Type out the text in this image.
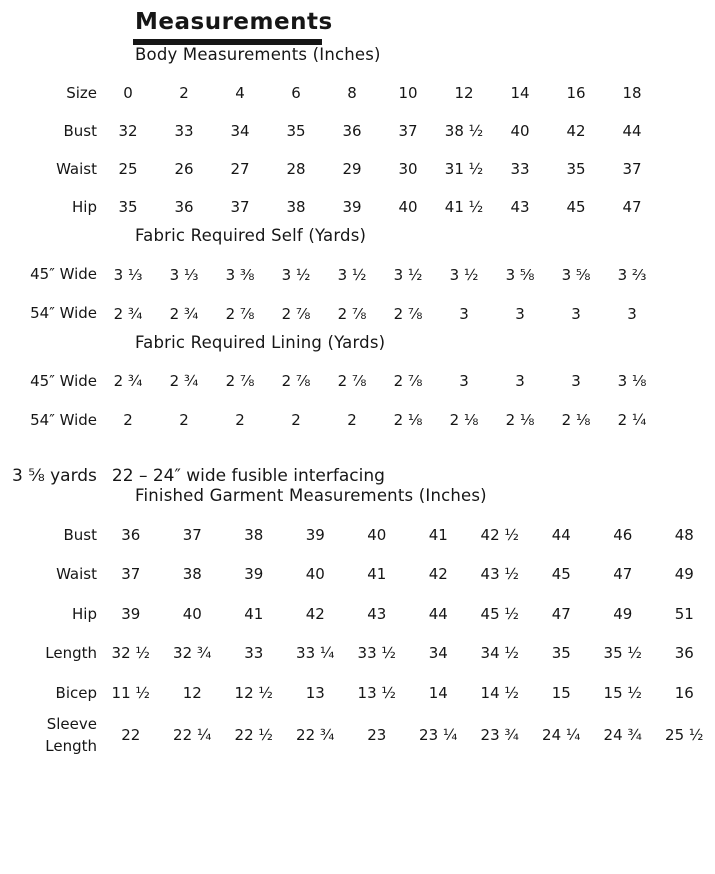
Measurements
Body Measurements (Inches)
Size	0	2	4	6	8	10	12	14	16	18
Bust	32	33	34	35	36	37	38 ½	40	42	44
Waist	25	26	27	28	29	30	31 ½	33	35	37
Hip	35	36	37	38	39	40	41 ½	43	45	47
Fabric Required Self (Yards)
45″ Wide	3 ⅓	3 ⅓	3 ⅜	3 ½	3 ½	3 ½	3 ½	3 ⅝	3 ⅝	3 ⅔
54″ Wide	2 ¾	2 ¾	2 ⅞	2 ⅞	2 ⅞	2 ⅞	3	3	3	3
Fabric Required Lining (Yards)
45″ Wide	2 ¾	2 ¾	2 ⅞	2 ⅞	2 ⅞	2 ⅞	3	3	3	3 ⅛
54″ Wide	2	2	2	2	2	2 ⅛	2 ⅛	2 ⅛	2 ⅛	2 ¼

3 ⅝ yards 22 – 24″ wide fusible interfacing

Finished Garment Measurements (Inches)
Bust	36	37	38	39	40	41	42 ½	44	46	48
Waist	37	38	39	40	41	42	43 ½	45	47	49
Hip	39	40	41	42	43	44	45 ½	47	49	51
Length	32 ½	32 ¾	33	33 ¼	33 ½	34	34 ½	35	35 ½	36
Bicep	11 ½	12	12 ½	13	13 ½	14	14 ½	15	15 ½	16
Sleeve Length	22	22 ¼	22 ½	22 ¾	23	23 ¼	23 ¾	24 ¼	24 ¾	25 ½
